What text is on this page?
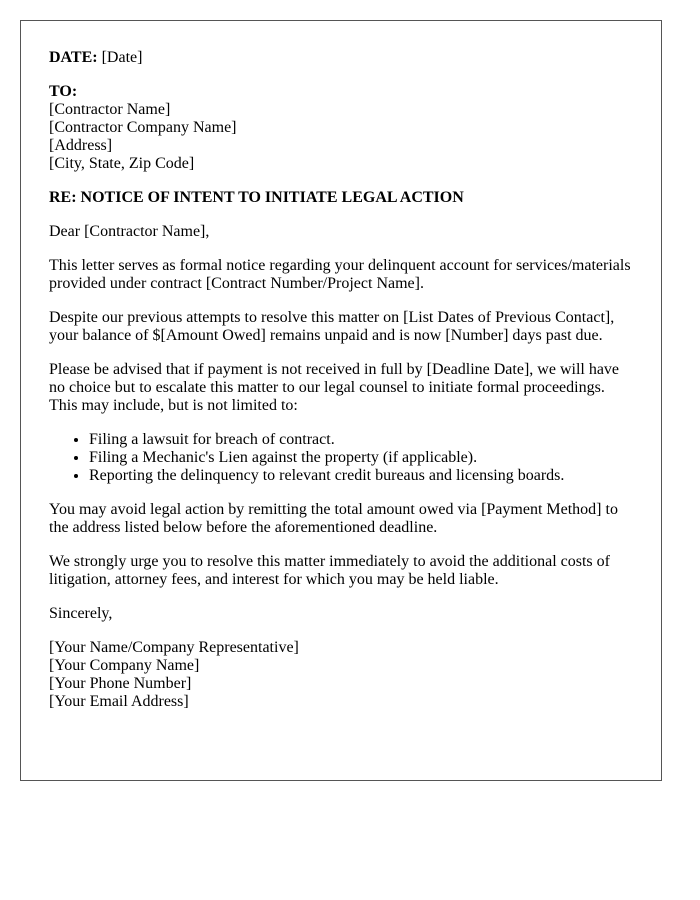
DATE: [Date]

TO:
[Contractor Name]
[Contractor Company Name]
[Address]
[City, State, Zip Code]

RE: NOTICE OF INTENT TO INITIATE LEGAL ACTION

Dear [Contractor Name],

This letter serves as formal notice regarding your delinquent account for services/materials
provided under contract [Contract Number/Project Name].

Despite our previous attempts to resolve this matter on [List Dates of Previous Contact],
your balance of $[Amount Owed] remains unpaid and is now [Number] days past due.

Please be advised that if payment is not received in full by [Deadline Date], we will have
no choice but to escalate this matter to our legal counsel to initiate formal proceedings.
This may include, but is not limited to:

• Filing a lawsuit for breach of contract.
• Filing a Mechanic's Lien against the property (if applicable).
• Reporting the delinquency to relevant credit bureaus and licensing boards.

You may avoid legal action by remitting the total amount owed via [Payment Method] to
the address listed below before the aforementioned deadline.

We strongly urge you to resolve this matter immediately to avoid the additional costs of
litigation, attorney fees, and interest for which you may be held liable.

Sincerely,

[Your Name/Company Representative]
[Your Company Name]
[Your Phone Number]
[Your Email Address]
